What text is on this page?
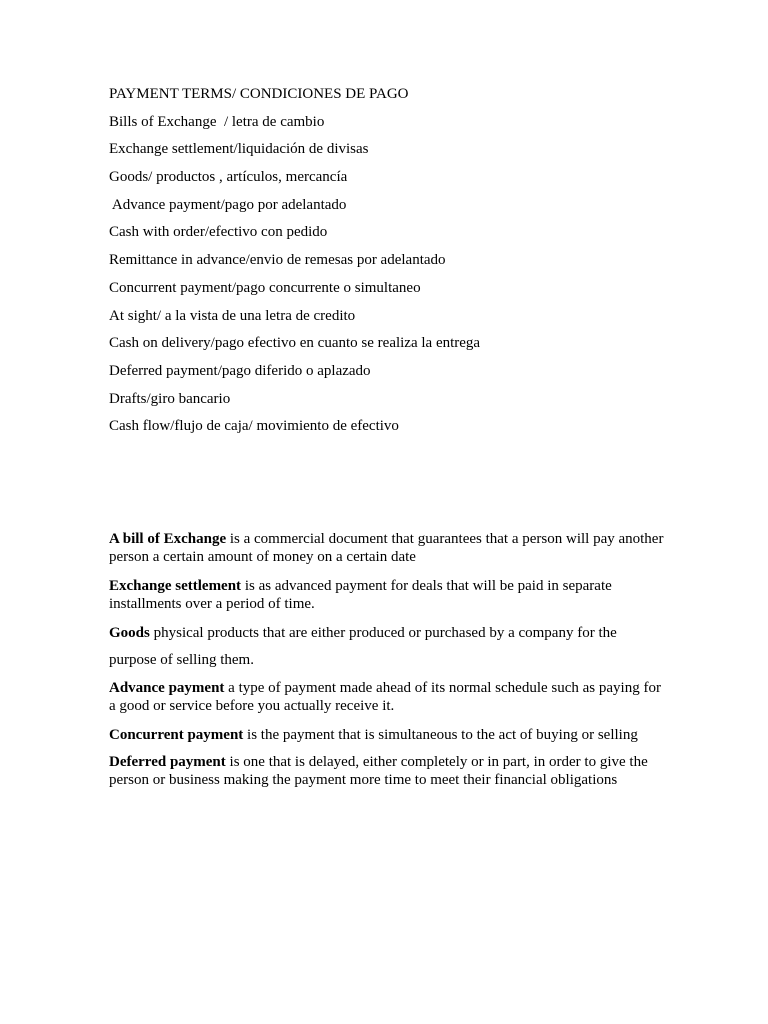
PAYMENT TERMS/ CONDICIONES DE PAGO
Bills of Exchange  / letra de cambio
Exchange settlement/liquidación de divisas
Goods/ productos , artículos, mercancía
Advance payment/pago por adelantado
Cash with order/efectivo con pedido
Remittance in advance/envio de remesas por adelantado
Concurrent payment/pago concurrente o simultaneo
At sight/ a la vista de una letra de credito
Cash on delivery/pago efectivo en cuanto se realiza la entrega
Deferred payment/pago diferido o aplazado
Drafts/giro bancario
Cash flow/flujo de caja/ movimiento de efectivo

A bill of Exchange is a commercial document that guarantees that a person will pay another person a certain amount of money on a certain date

Exchange settlement is as advanced payment for deals that will be paid in separate installments over a period of time.

Goods physical products that are either produced or purchased by a company for the

purpose of selling them.

Advance payment a type of payment made ahead of its normal schedule such as paying for a good or service before you actually receive it.

Concurrent payment is the payment that is simultaneous to the act of buying or selling

Deferred payment is one that is delayed, either completely or in part, in order to give the person or business making the payment more time to meet their financial obligations
